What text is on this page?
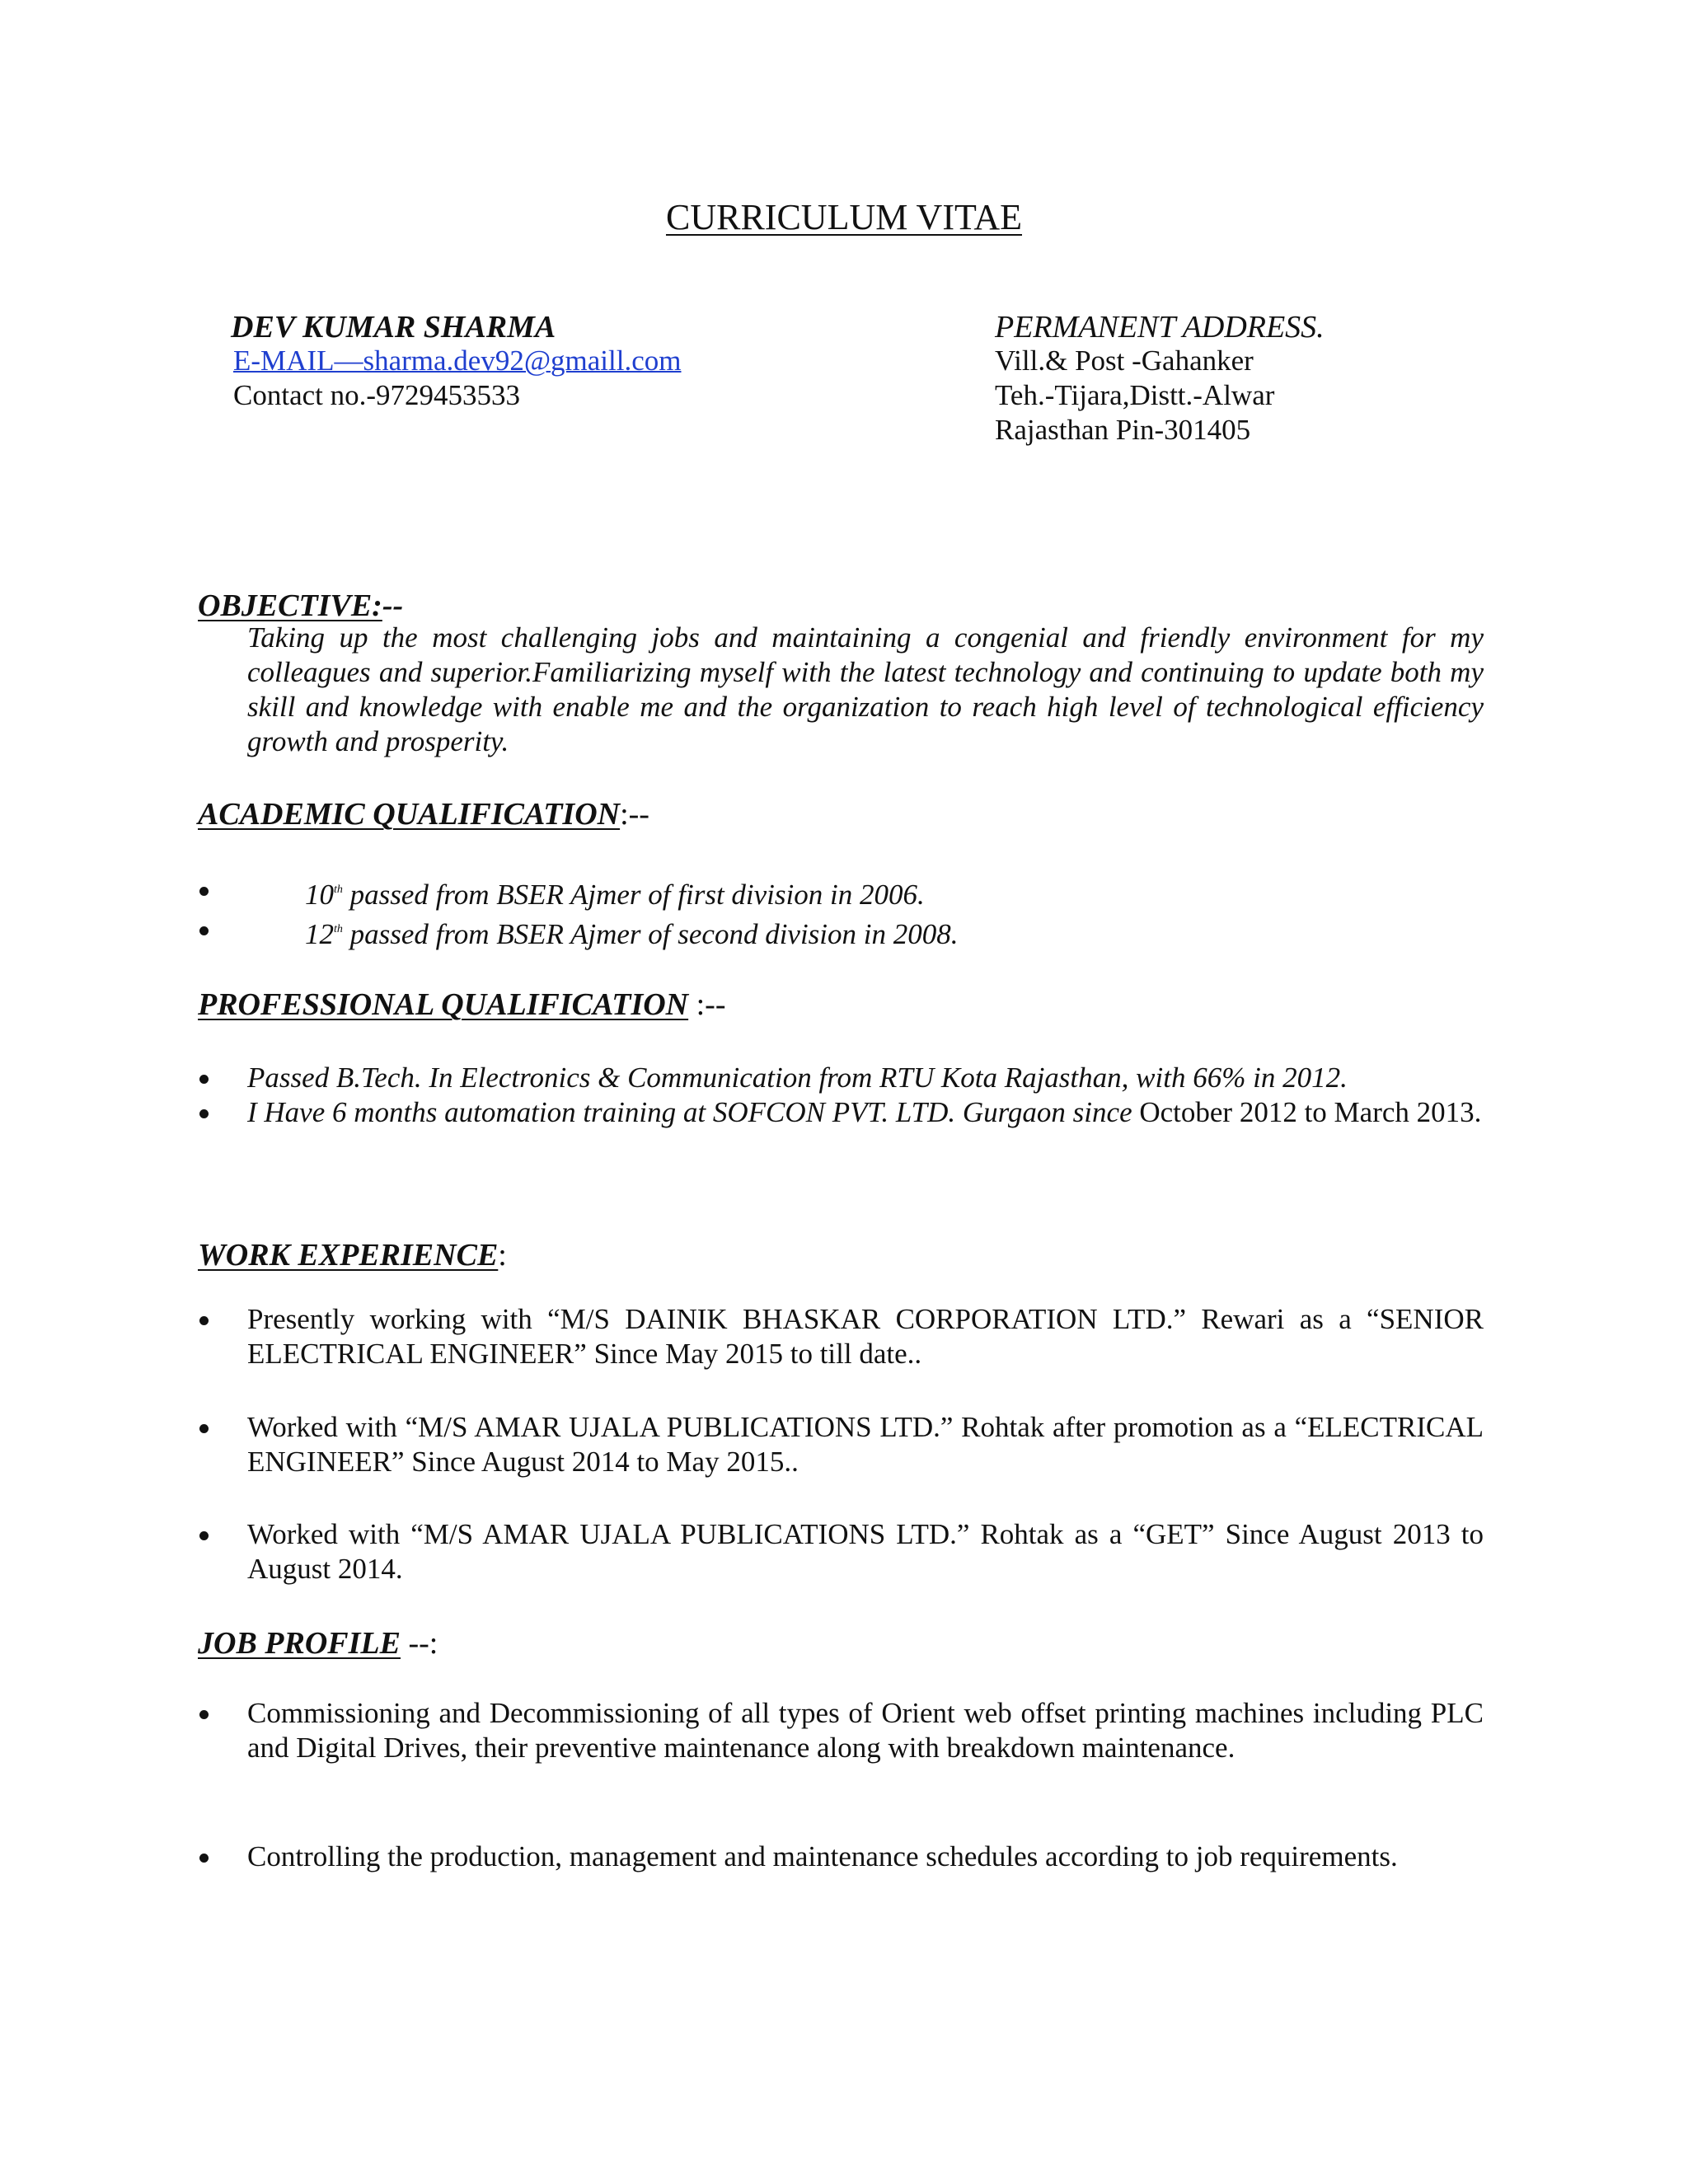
CURRICULUM VITAE
DEV KUMAR SHARMA
E-MAIL—sharma.dev92@gmaill.com
Contact no.-9729453533
PERMANENT ADDRESS.
Vill.& Post -Gahanker
Teh.-Tijara,Distt.-Alwar
Rajasthan Pin-301405
OBJECTIVE:--
Taking up the most challenging jobs and maintaining a congenial and friendly environment for my colleagues and superior.Familiarizing myself with the latest technology and continuing to update both my skill and knowledge with enable me and the organization to reach high level of technological efficiency growth and prosperity.
ACADEMIC QUALIFICATION:--
10th passed from BSER Ajmer of first division in 2006.
12th passed from BSER Ajmer of second division in 2008.
PROFESSIONAL QUALIFICATION :--
Passed B.Tech. In Electronics & Communication from RTU Kota Rajasthan, with 66% in 2012.
I Have 6 months automation training at SOFCON PVT. LTD. Gurgaon since October 2012 to March 2013.
WORK EXPERIENCE:
Presently working with “M/S DAINIK BHASKAR CORPORATION LTD.” Rewari as a “SENIOR ELECTRICAL ENGINEER” Since May 2015 to till date..
Worked with “M/S AMAR UJALA PUBLICATIONS LTD.” Rohtak after promotion as a “ELECTRICAL ENGINEER” Since August 2014 to May 2015..
Worked with “M/S AMAR UJALA PUBLICATIONS LTD.” Rohtak as a “GET” Since August 2013 to August 2014.
JOB PROFILE --:
Commissioning and Decommissioning of all types of Orient web offset printing machines including PLC and Digital Drives, their preventive maintenance along with breakdown maintenance.
Controlling the production, management and maintenance schedules according to job requirements.
